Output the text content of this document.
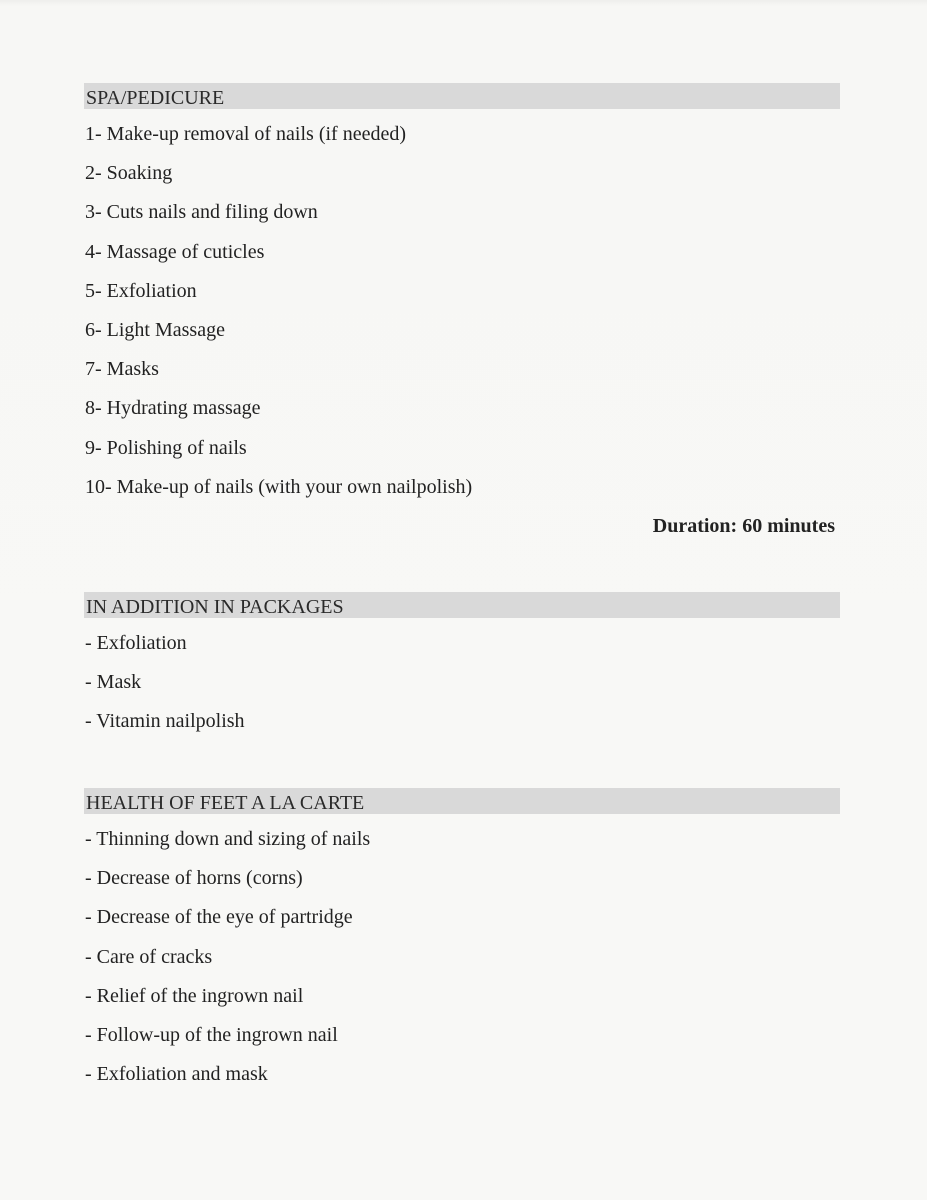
SPA/PEDICURE
1- Make-up removal of nails (if needed)
2- Soaking
3- Cuts nails and filing down
4- Massage of cuticles
5- Exfoliation
6- Light Massage
7- Masks
8- Hydrating massage
9- Polishing of nails
10- Make-up of nails (with your own nailpolish)
Duration: 60 minutes
IN ADDITION IN PACKAGES
- Exfoliation
- Mask
- Vitamin nailpolish
HEALTH OF FEET A LA CARTE
- Thinning down and sizing of nails
- Decrease of horns (corns)
- Decrease of the eye of partridge
- Care of cracks
- Relief of the ingrown nail
- Follow-up of the ingrown nail
- Exfoliation and mask
